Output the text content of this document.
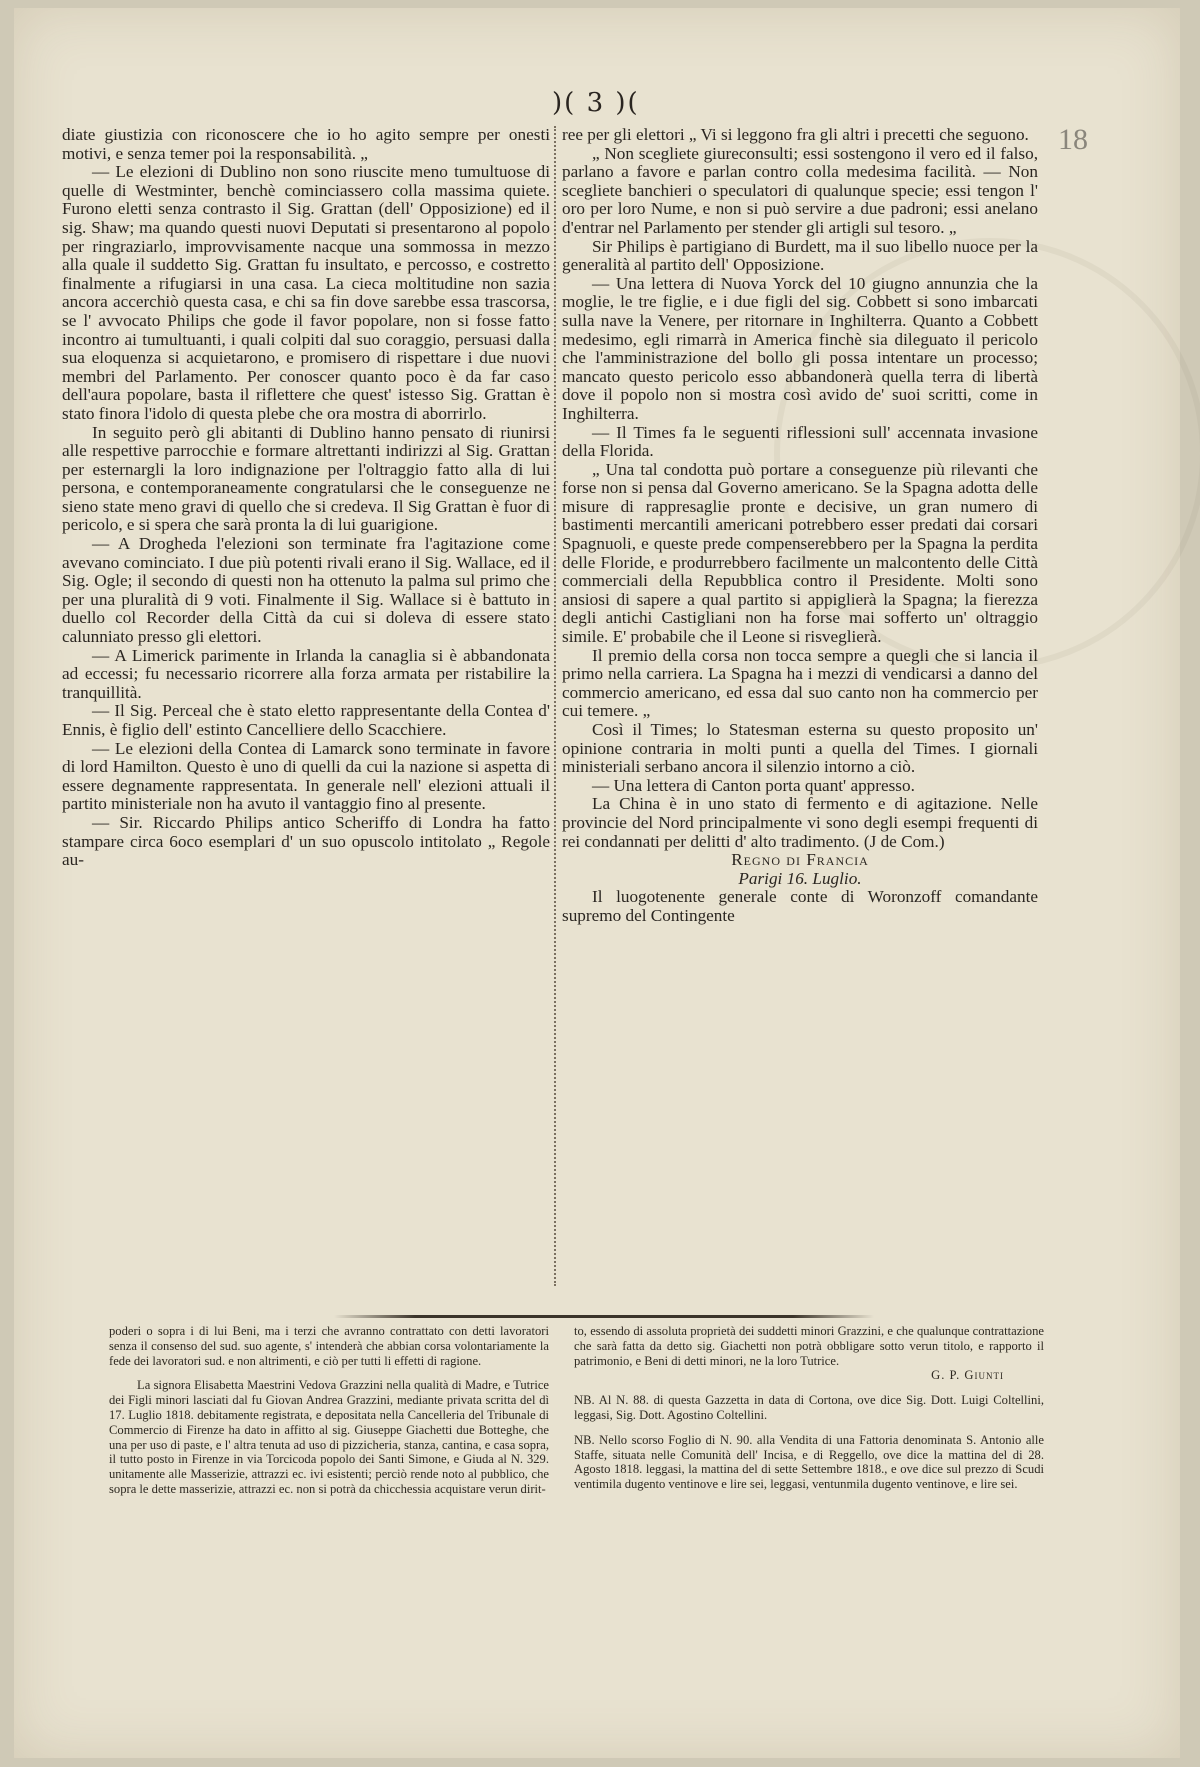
)( 3 )(
18

diate giustizia con riconoscere che io ho agito sempre per onesti motivi, e senza temer poi la responsabilità. „

— Le elezioni di Dublino non sono riuscite meno tumultuose di quelle di Westminter, benchè cominciassero colla massima quiete. Furono eletti senza contrasto il Sig. Grattan (dell' Opposizione) ed il sig. Shaw; ma quando questi nuovi Deputati si presentarono al popolo per ringraziarlo, improvvisamente nacque una sommossa in mezzo alla quale il suddetto Sig. Grattan fu insultato, e percosso, e costretto finalmente a rifugiarsi in una casa. La cieca moltitudine non sazia ancora accerchiò questa casa, e chi sa fin dove sarebbe essa trascorsa, se l' avvocato Philips che gode il favor popolare, non si fosse fatto incontro ai tumultuanti, i quali colpiti dal suo coraggio, persuasi dalla sua eloquenza si acquietarono, e promisero di rispettare i due nuovi membri del Parlamento. Per conoscer quanto poco è da far caso dell'aura popolare, basta il riflettere che quest' istesso Sig. Grattan è stato finora l'idolo di questa plebe che ora mostra di aborrirlo.

In seguito però gli abitanti di Dublino hanno pensato di riunirsi alle respettive parrocchie e formare altrettanti indirizzi al Sig. Grattan per esternargli la loro indignazione per l'oltraggio fatto alla di lui persona, e contemporaneamente congratularsi che le conseguenze ne sieno state meno gravi di quello che si credeva. Il Sig Grattan è fuor di pericolo, e si spera che sarà pronta la di lui guarigione.

— A Drogheda l'elezioni son terminate fra l'agitazione come avevano cominciato. I due più potenti rivali erano il Sig. Wallace, ed il Sig. Ogle; il secondo di questi non ha ottenuto la palma sul primo che per una pluralità di 9 voti. Finalmente il Sig. Wallace si è battuto in duello col Recorder della Città da cui si doleva di essere stato calunniato presso gli elettori.

— A Limerick parimente in Irlanda la canaglia si è abbandonata ad eccessi; fu necessario ricorrere alla forza armata per ristabilire la tranquillità.

— Il Sig. Perceal che è stato eletto rappresentante della Contea d' Ennis, è figlio dell' estinto Cancelliere dello Scacchiere.

— Le elezioni della Contea di Lamarck sono terminate in favore di lord Hamilton. Questo è uno di quelli da cui la nazione si aspetta di essere degnamente rappresentata. In generale nell' elezioni attuali il partito ministeriale non ha avuto il vantaggio fino al presente.

— Sir. Riccardo Philips antico Scheriffo di Londra ha fatto stampare circa 6oco esemplari d' un suo opuscolo intitolato „ Regole au-

ree per gli elettori „ Vi si leggono fra gli altri i precetti che seguono.

„ Non scegliete giureconsulti; essi sostengono il vero ed il falso, parlano a favore e parlan contro colla medesima facilità. — Non scegliete banchieri o speculatori di qualunque specie; essi tengon l' oro per loro Nume, e non si può servire a due padroni; essi anelano d'entrar nel Parlamento per stender gli artigli sul tesoro. „

Sir Philips è partigiano di Burdett, ma il suo libello nuoce per la generalità al partito dell' Opposizione.

— Una lettera di Nuova Yorck del 10 giugno annunzia che la moglie, le tre figlie, e i due figli del sig. Cobbett si sono imbarcati sulla nave la Venere, per ritornare in Inghilterra. Quanto a Cobbett medesimo, egli rimarrà in America finchè sia dileguato il pericolo che l'amministrazione del bollo gli possa intentare un processo; mancato questo pericolo esso abbandonerà quella terra di libertà dove il popolo non si mostra così avido de' suoi scritti, come in Inghilterra.

— Il Times fa le seguenti riflessioni sull' accennata invasione della Florida.

„ Una tal condotta può portare a conseguenze più rilevanti che forse non si pensa dal Governo americano. Se la Spagna adotta delle misure di rappresaglie pronte e decisive, un gran numero di bastimenti mercantili americani potrebbero esser predati dai corsari Spagnuoli, e queste prede compenserebbero per la Spagna la perdita delle Floride, e produrrebbero facilmente un malcontento delle Città commerciali della Repubblica contro il Presidente. Molti sono ansiosi di sapere a qual partito si appiglierà la Spagna; la fierezza degli antichi Castigliani non ha forse mai sofferto un' oltraggio simile. E' probabile che il Leone si risveglierà.

Il premio della corsa non tocca sempre a quegli che si lancia il primo nella carriera. La Spagna ha i mezzi di vendicarsi a danno del commercio americano, ed essa dal suo canto non ha commercio per cui temere. „

Così il Times; lo Statesman esterna su questo proposito un' opinione contraria in molti punti a quella del Times. I giornali ministeriali serbano ancora il silenzio intorno a ciò.

— Una lettera di Canton porta quant' appresso.

La China è in uno stato di fermento e di agitazione. Nelle provincie del Nord principalmente vi sono degli esempi frequenti di rei condannati per delitti d' alto tradimento. (J de Com.)

Regno di Francia

Parigi 16. Luglio.

Il luogotenente generale conte di Woronzoff comandante supremo del Contingente

poderi o sopra i di lui Beni, ma i terzi che avranno contrattato con detti lavoratori senza il consenso del sud. suo agente, s' intenderà che abbian corsa volontariamente la fede dei lavoratori sud. e non altrimenti, e ciò per tutti li effetti di ragione.

La signora Elisabetta Maestrini Vedova Grazzini nella qualità di Madre, e Tutrice dei Figli minori lasciati dal fu Giovan Andrea Grazzini, mediante privata scritta del dì 17. Luglio 1818. debitamente registrata, e depositata nella Cancelleria del Tribunale di Commercio di Firenze ha dato in affitto al sig. Giuseppe Giachetti due Botteghe, che una per uso di paste, e l' altra tenuta ad uso di pizzicheria, stanza, cantina, e casa sopra, il tutto posto in Firenze in via Torcicoda popolo dei Santi Simone, e Giuda al N. 329. unitamente alle Masserizie, attrazzi ec. ivi esistenti; perciò rende noto al pubblico, che sopra le dette masserizie, attrazzi ec. non si potrà da chicchessia acquistare verun dirit-

to, essendo di assoluta proprietà dei suddetti minori Grazzini, e che qualunque contrattazione che sarà fatta da detto sig. Giachetti non potrà obbligare sotto verun titolo, e rapporto il patrimonio, e Beni di detti minori, ne la loro Tutrice.

G. P. Giunti

NB. Al N. 88. di questa Gazzetta in data di Cortona, ove dice Sig. Dott. Luigi Coltellini, leggasi, Sig. Dott. Agostino Coltellini.

NB. Nello scorso Foglio di N. 90. alla Vendita di una Fattoria denominata S. Antonio alle Staffe, situata nelle Comunità dell' Incisa, e di Reggello, ove dice la mattina del di 28. Agosto 1818. leggasi, la mattina del di sette Settembre 1818., e ove dice sul prezzo di Scudi ventimila dugento ventinove e lire sei, leggasi, ventunmila dugento ventinove, e lire sei.
